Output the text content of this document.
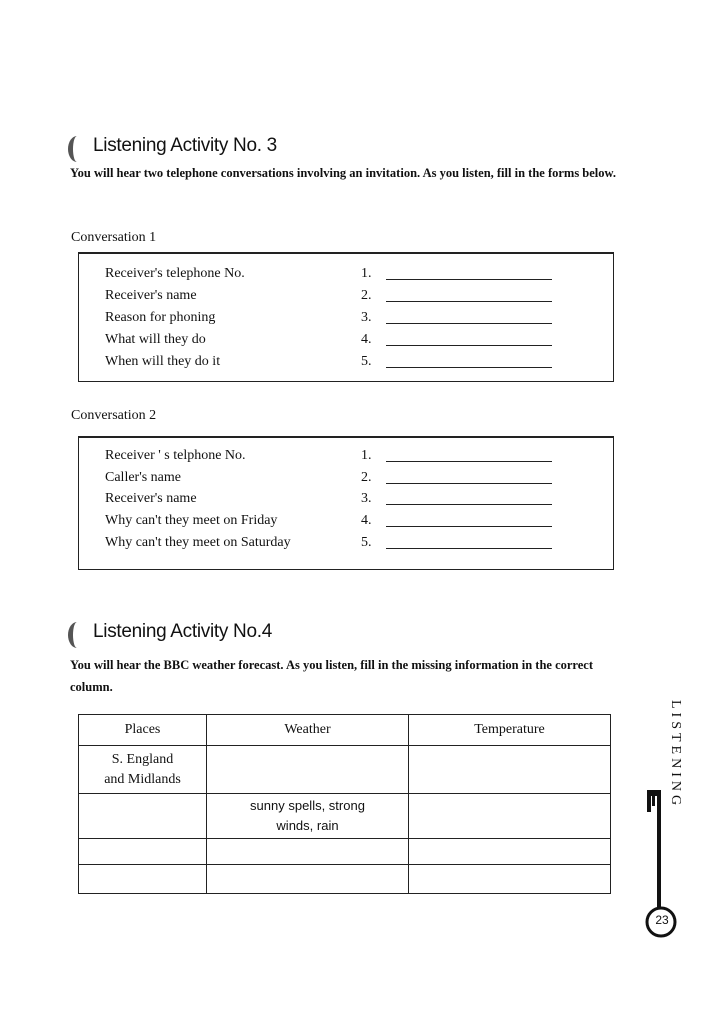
Listening Activity No. 3
You will hear two telephone conversations involving an invitation. As you listen, fill in the forms below.
Conversation 1
Receiver's telephone No.	1.
Receiver's name	2.
Reason for phoning	3.
What will they do	4.
When will they do it	5.
Conversation 2
Receiver ' s telphone No.	1.
Caller's name	2.
Receiver's name	3.
Why can't they meet on Friday	4.
Why can't they meet on Saturday	5.
Listening Activity No.4
You will hear the BBC weather forecast. As you listen, fill in the missing information in the correct column.
Places	Weather	Temperature
S. England and Midlands		
	sunny spells, strong winds, rain	

LISTENING
23
